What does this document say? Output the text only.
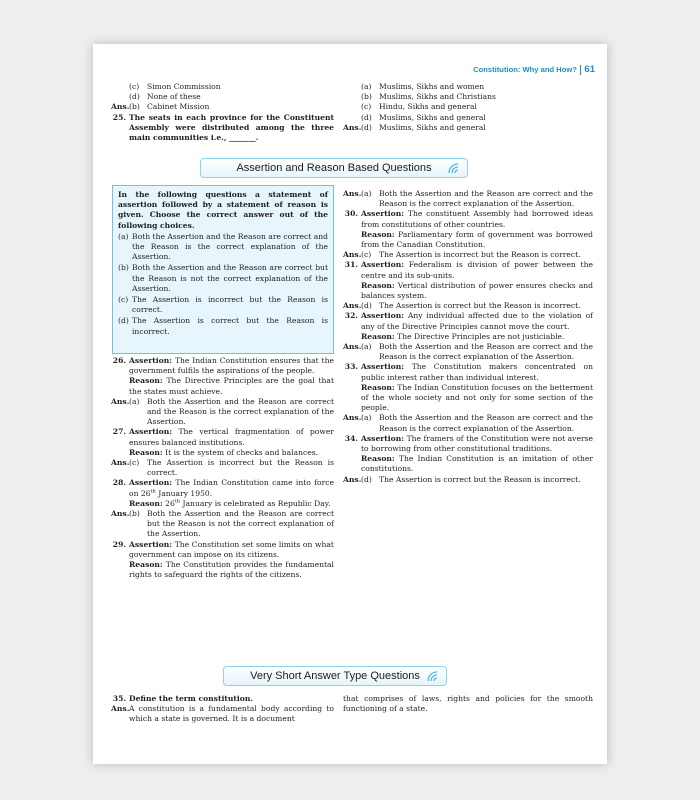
Constitution: Why and How? 61
(c)	Simon Commission
(d) None of these
Ans. (b) Cabinet Mission
25. The seats in each province for the Constituent Assembly were distributed among the three main communities i.e., _______.
(a) Muslims, Sikhs and women
(b) Muslims, Sikhs and Christians
(c)	Hindu, Sikhs and general
(d) Muslims, Sikhs and general
Ans. (d) Muslims, Sikhs and general
Assertion and Reason Based Questions
In the following questions a statement of assertion followed by a statement of reason is given. Choose the correct answer out of the following choices.
(a) Both the Assertion and the Reason are correct and the Reason is the correct explanation of the Assertion.
(b) Both the Assertion and the Reason are correct but the Reason is not the correct explanation of the Assertion.
(c) The Assertion is incorrect but the Reason is correct.
(d) The Assertion is correct but the Reason is incorrect.
26. Assertion: The Indian Constitution ensures that the government fulfils the aspirations of the people.
Reason: The Directive Principles are the goal that the states must achieve.
Ans. (a) Both the Assertion and the Reason are correct and the Reason is the correct explanation of the Assertion.
27. Assertion: The vertical fragmentation of power ensures balanced institutions.
Reason: It is the system of checks and balances.
Ans. (c)	The Assertion is incorrect but the Reason is correct.
28. Assertion: The Indian Constitution came into force on 26th January 1950.
Reason: 26th January is celebrated as Republic Day.
Ans. (b) Both the Assertion and the Reason are correct but the Reason is not the correct explanation of the Assertion.
29. Assertion: The Constitution set some limits on what government can impose on its citizens.
Reason: The Constitution provides the fundamental rights to safeguard the rights of the citizens.
Ans. (a) Both the Assertion and the Reason are correct and the Reason is the correct explanation of the Assertion.
30. Assertion: The constituent Assembly had borrowed ideas from constitutions of other countries.
Reason: Parliamentary form of government was borrowed from the Canadian Constitution.
Ans. (c)	The Assertion is incorrect but the Reason is correct.
31. Assertion: Federalism is division of power between the centre and its sub-units.
Reason: Vertical distribution of power ensures checks and balances system.
Ans. (d) The Assertion is correct but the Reason is incorrect.
32. Assertion: Any individual affected due to the violation of any of the Directive Principles cannot move the court.
Reason: The Directive Principles are not justiciable.
Ans. (a) Both the Assertion and the Reason are correct and the Reason is the correct explanation of the Assertion.
33. Assertion: The Constitution makers concentrated on public interest rather than individual interest.
Reason: The Indian Constitution focuses on the betterment of the whole society and not only for some section of the people.
Ans. (a) Both the Assertion and the Reason are correct and the Reason is the correct explanation of the Assertion.
34. Assertion: The framers of the Constitution were not averse to borrowing from other constitutional traditions.
Reason: The Indian Constitution is an imitation of other constitutions.
Ans. (d) The Assertion is correct but the Reason is incorrect.
Very Short Answer Type Questions
35. Define the term constitution.
Ans. A constitution is a fundamental body according to which a state is governed. It is a document
that comprises of laws, rights and policies for the smooth functioning of a state.
